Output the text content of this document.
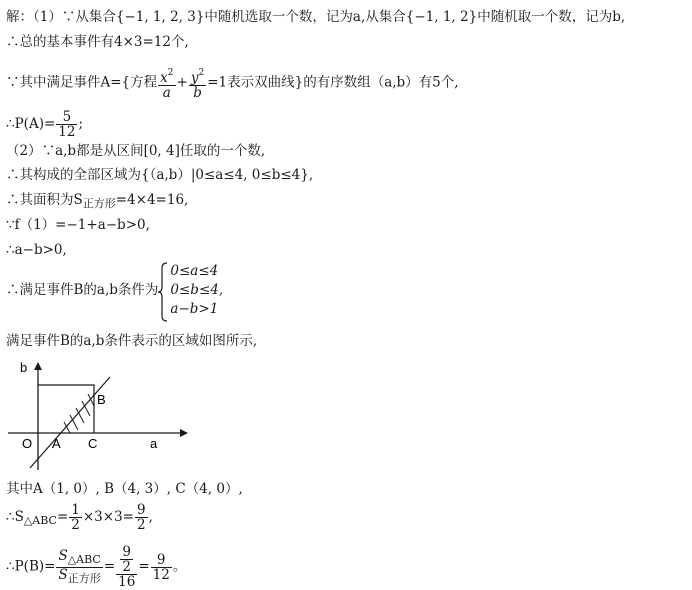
解：（1）∵从集合{−1, 1, 2, 3}中随机选取一个数，记为a,从集合{−1, 1, 2}中随机取一个数，记为b,
∴总的基本事件有4×3=12个,
∵其中满足事件A={方程 $\frac{x^2}{a} + \frac{y^2}{b} =1$表示双曲线}的有序数组（a,b）有5个,
∴P(A)= $\frac{5}{12}$ ;
（2）∵a,b都是从区间[0, 4]任取的一个数,
∴其构成的全部区域为{（a,b）|0≤a≤4, 0≤b≤4},
∴其面积为$S_{正方形}=4\times 4=16$,
∵f（1）=−1+a−b>0,
∴a−b>0,
∴满足事件B的a,b条件为
0≤a≤4
0≤b≤4,
a−b>1
满足事件B的a,b条件表示的区域如图所示,
b
a
O A C
B
其中A（1, 0）, B（4, 3）, C（4, 0）,
$\therefore S_{\triangle ABC}= \frac{1}{2} \times 3\times 3= \frac{9}{2}$ ,
∴P(B)= $\frac{S_{\triangle ABC}}{S_{正方形}} = \frac{\frac{9}{2}}{16} = \frac{9}{12}$ 。
